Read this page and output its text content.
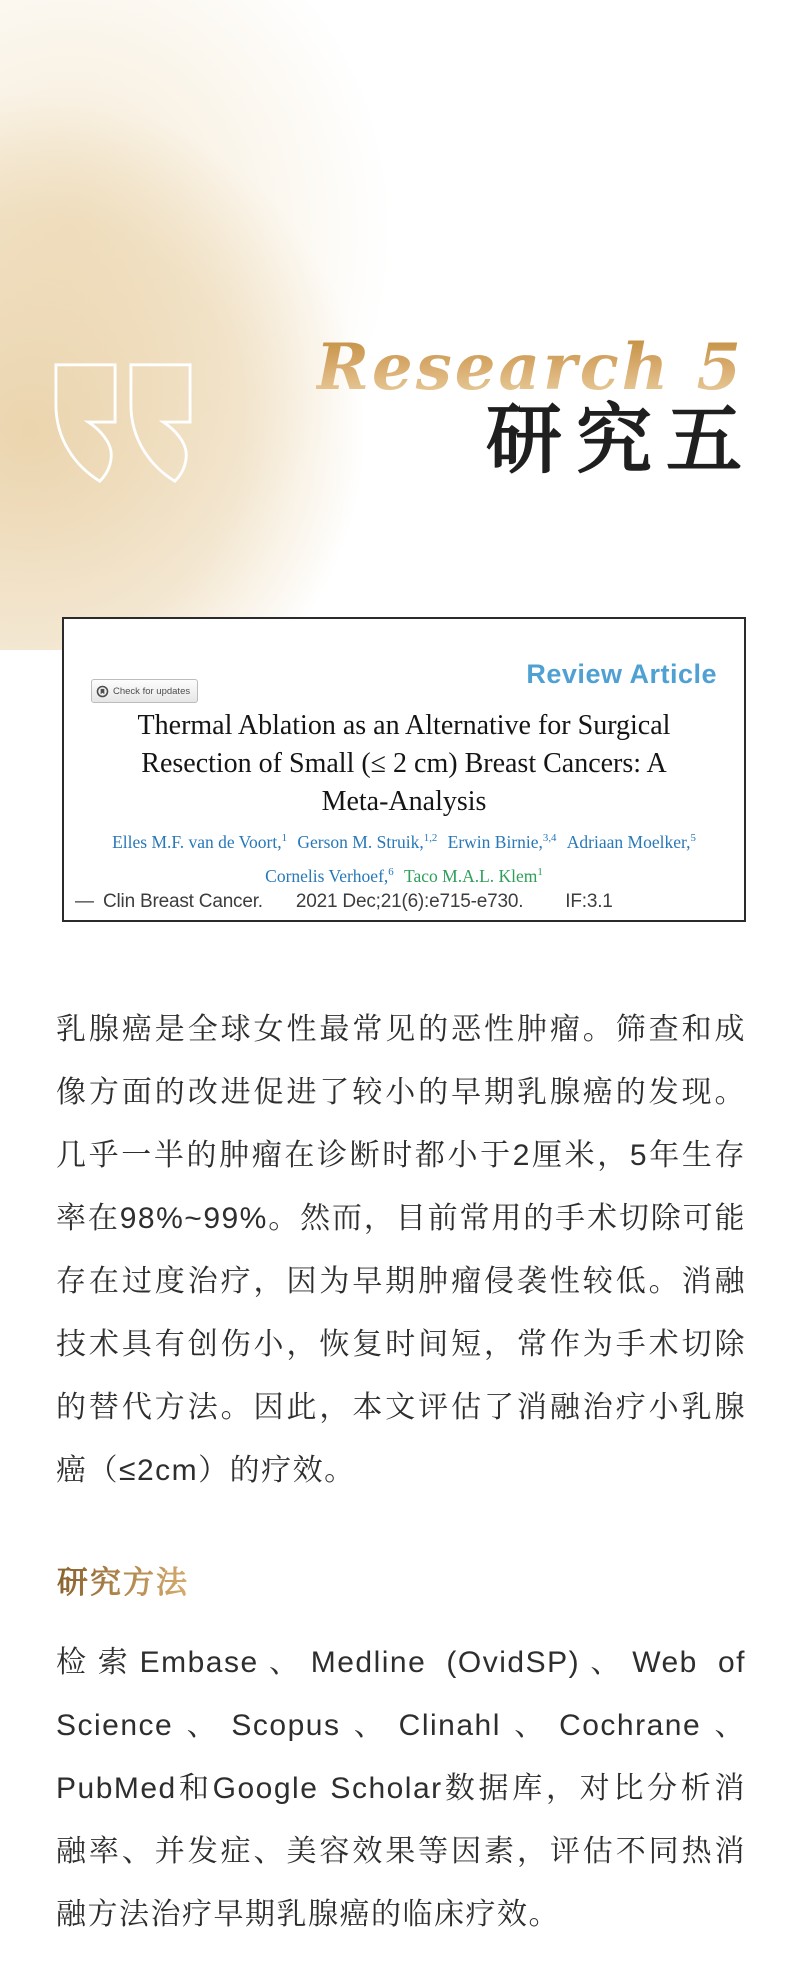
Research 5
研究五
Check for updates
Review Article
Thermal Ablation as an Alternative for Surgical
Resection of Small (≤ 2 cm) Breast Cancers: A
Meta-Analysis
Elles M.F. van de Voort,$^1$ Gerson M. Struik,$^{1,2}$ Erwin Birnie,$^{3,4}$ Adriaan Moelker,$^5$
Cornelis Verhoef,$^6$ Taco M.A.L. Klem$^1$
— Clin Breast Cancer. 2021 Dec;21(6):e715-e730. IF:3.1

乳腺癌是全球女性最常见的恶性肿瘤。筛查和成像方面的改进促进了较小的早期乳腺癌的发现。几乎一半的肿瘤在诊断时都小于2厘米，5年生存率在98%~99%。然而，目前常用的手术切除可能存在过度治疗，因为早期肿瘤侵袭性较低。消融技术具有创伤小，恢复时间短，常作为手术切除的替代方法。因此，本文评估了消融治疗小乳腺癌（≤2cm）的疗效。

研究方法

检索Embase、Medline (OvidSP)、Web of Science、Scopus、Clinahl、Cochrane、PubMed和Google Scholar数据库，对比分析消融率、并发症、美容效果等因素，评估不同热消融方法治疗早期乳腺癌的临床疗效。
